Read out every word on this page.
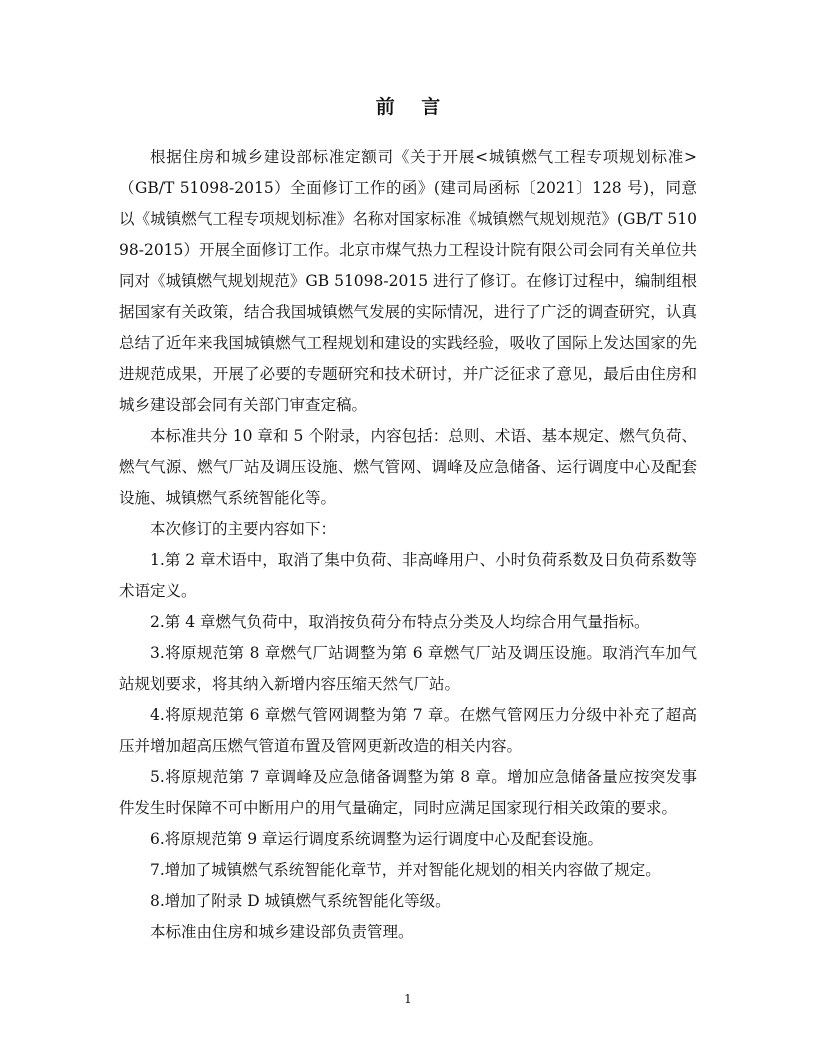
前 言

根据住房和城乡建设部标准定额司《关于开展<城镇燃气工程专项规划标准>（GB/T 51098-2015）全面修订工作的函》(建司局函标〔2021〕128 号)，同意以《城镇燃气工程专项规划标准》名称对国家标准《城镇燃气规划规范》(GB/T 51098-2015）开展全面修订工作。北京市煤气热力工程设计院有限公司会同有关单位共同对《城镇燃气规划规范》GB 51098-2015 进行了修订。在修订过程中，编制组根据国家有关政策，结合我国城镇燃气发展的实际情况，进行了广泛的调查研究，认真总结了近年来我国城镇燃气工程规划和建设的实践经验，吸收了国际上发达国家的先进规范成果，开展了必要的专题研究和技术研讨，并广泛征求了意见，最后由住房和城乡建设部会同有关部门审查定稿。

本标准共分 10 章和 5 个附录，内容包括：总则、术语、基本规定、燃气负荷、燃气气源、燃气厂站及调压设施、燃气管网、调峰及应急储备、运行调度中心及配套设施、城镇燃气系统智能化等。

本次修订的主要内容如下：

1.第 2 章术语中，取消了集中负荷、非高峰用户、小时负荷系数及日负荷系数等术语定义。

2.第 4 章燃气负荷中，取消按负荷分布特点分类及人均综合用气量指标。

3.将原规范第 8 章燃气厂站调整为第 6 章燃气厂站及调压设施。取消汽车加气站规划要求，将其纳入新增内容压缩天然气厂站。

4.将原规范第 6 章燃气管网调整为第 7 章。在燃气管网压力分级中补充了超高压并增加超高压燃气管道布置及管网更新改造的相关内容。

5.将原规范第 7 章调峰及应急储备调整为第 8 章。增加应急储备量应按突发事件发生时保障不可中断用户的用气量确定，同时应满足国家现行相关政策的要求。

6.将原规范第 9 章运行调度系统调整为运行调度中心及配套设施。

7.增加了城镇燃气系统智能化章节，并对智能化规划的相关内容做了规定。

8.增加了附录 D 城镇燃气系统智能化等级。

本标准由住房和城乡建设部负责管理。

1
